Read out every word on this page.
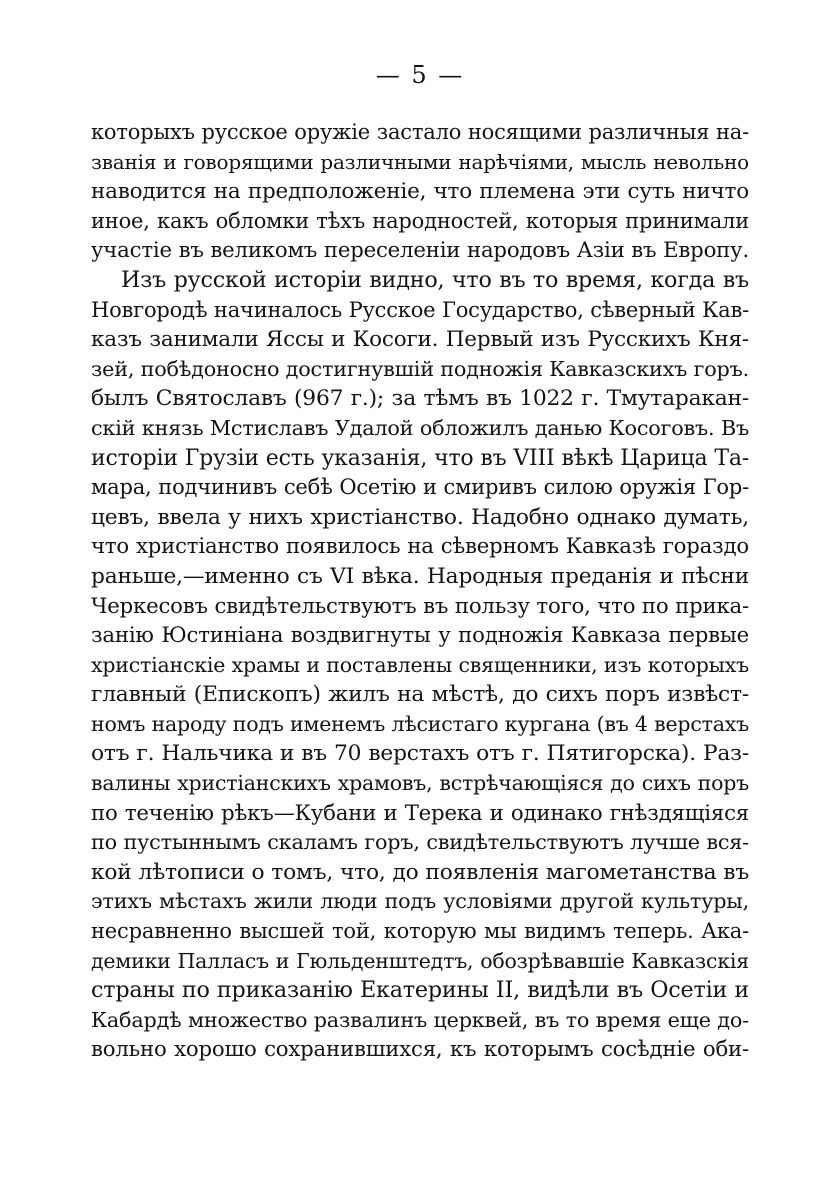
— 5 —
которыхъ русское оружіе застало носящими различныя на-
званія и говорящими различными нарѣчіями, мысль невольно
наводится на предположеніе, что племена эти суть ничто
иное, какъ обломки тѣхъ народностей, которыя принимали
участіе въ великомъ переселеніи народовъ Азіи въ Европу.
Изъ русской исторіи видно, что въ то время, когда въ
Новгородѣ начиналось Русское Государство, сѣверный Кав-
казъ занимали Яссы и Косоги. Первый изъ Русскихъ Кня-
зей, побѣдоносно достигнувшій подножія Кавказскихъ горъ.
былъ Святославъ (967 г.); за тѣмъ въ 1022 г. Тмутаракан-
скій князь Мстиславъ Удалой обложилъ данью Косоговъ. Въ
исторіи Грузіи есть указанія, что въ VIII вѣкѣ Царица Та-
мара, подчинивъ себѣ Осетію и смиривъ силою оружія Гор-
цевъ, ввела у нихъ христіанство. Надобно однако думать,
что христіанство появилось на сѣверномъ Кавказѣ гораздо
раньше,—именно съ VI вѣка. Народныя преданія и пѣсни
Черкесовъ свидѣтельствуютъ въ пользу того, что по прика-
занію Юстиніана воздвигнуты у подножія Кавказа первые
христіанскіе храмы и поставлены священники, изъ которыхъ
главный (Епископъ) жилъ на мѣстѣ, до сихъ поръ извѣст-
номъ народу подъ именемъ лѣсистаго кургана (въ 4 верстахъ
отъ г. Нальчика и въ 70 верстахъ отъ г. Пятигорска). Раз-
валины христіанскихъ храмовъ, встрѣчающіяся до сихъ поръ
по теченію рѣкъ—Кубани и Терека и одинако гнѣздящіяся
по пустыннымъ скаламъ горъ, свидѣтельствуютъ лучше вся-
кой лѣтописи о томъ, что, до появленія магометанства въ
этихъ мѣстахъ жили люди подъ условіями другой культуры,
несравненно высшей той, которую мы видимъ теперь. Ака-
демики Палласъ и Гюльденштедтъ, обозрѣвавшіе Кавказскія
страны по приказанію Екатерины II, видѣли въ Осетіи и
Кабардѣ множество развалинъ церквей, въ то время еще до-
вольно хорошо сохранившихся, къ которымъ сосѣдніе оби-
